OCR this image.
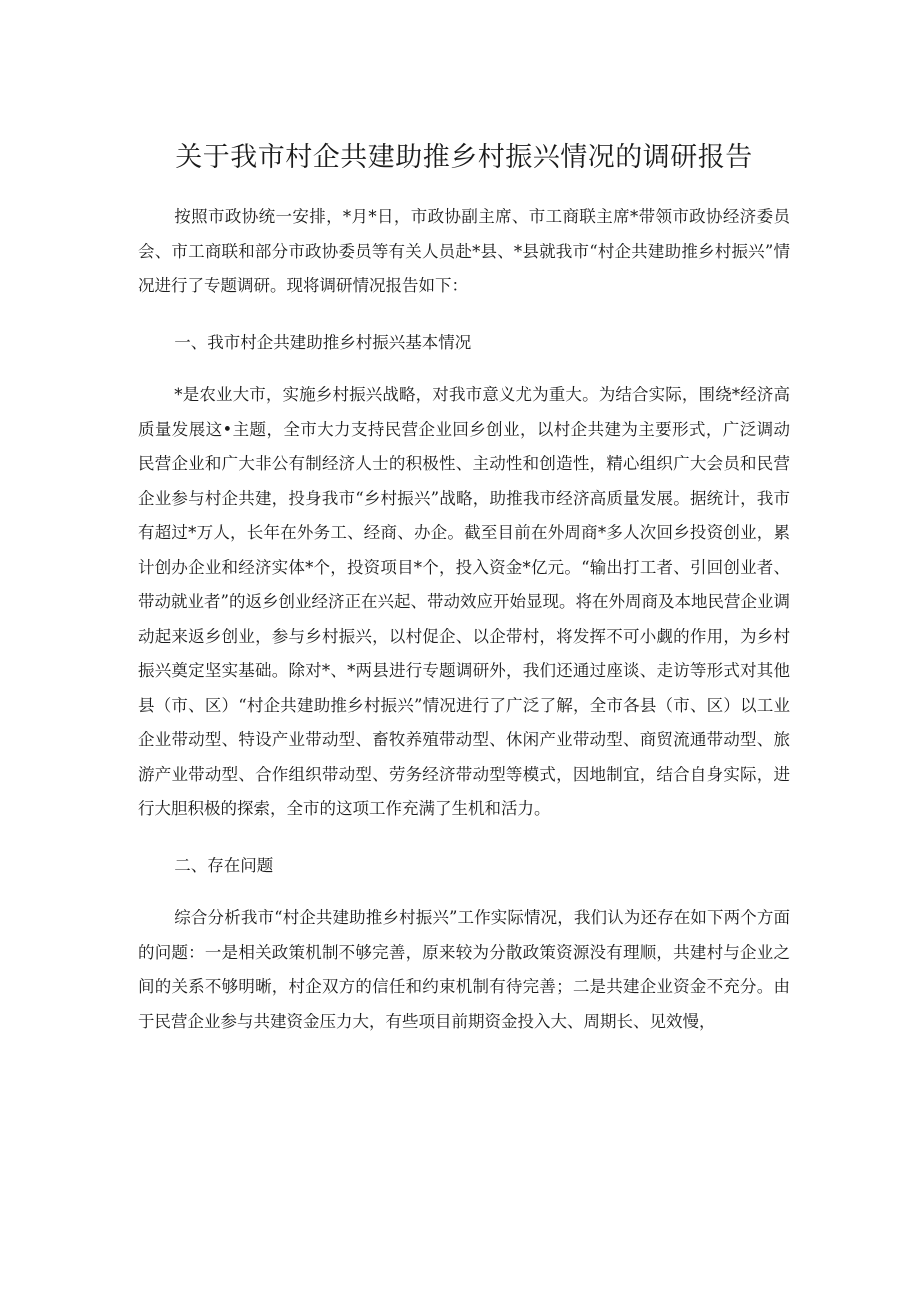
关于我市村企共建助推乡村振兴情况的调研报告

按照市政协统一安排，*月*日，市政协副主席、市工商联主席*带领市政协经济委员会、市工商联和部分市政协委员等有关人员赴*县、*县就我市“村企共建助推乡村振兴”情况进行了专题调研。现将调研情况报告如下：

一、我市村企共建助推乡村振兴基本情况

*是农业大市，实施乡村振兴战略，对我市意义尤为重大。为结合实际，围绕*经济高质量发展这•主题，全市大力支持民营企业回乡创业，以村企共建为主要形式，广泛调动民营企业和广大非公有制经济人士的积极性、主动性和创造性，精心组织广大会员和民营企业参与村企共建，投身我市“乡村振兴”战略，助推我市经济高质量发展。据统计，我市有超过*万人，长年在外务工、经商、办企。截至目前在外周商*多人次回乡投资创业，累计创办企业和经济实体*个，投资项目*个，投入资金*亿元。“输出打工者、引回创业者、带动就业者”的返乡创业经济正在兴起、带动效应开始显现。将在外周商及本地民营企业调动起来返乡创业，参与乡村振兴，以村促企、以企带村，将发挥不可小觑的作用，为乡村振兴奠定坚实基础。除对*、*两县进行专题调研外，我们还通过座谈、走访等形式对其他县（市、区）“村企共建助推乡村振兴”情况进行了广泛了解，全市各县（市、区）以工业企业带动型、特设产业带动型、畜牧养殖带动型、休闲产业带动型、商贸流通带动型、旅游产业带动型、合作组织带动型、劳务经济带动型等模式，因地制宜，结合自身实际，进行大胆积极的探索，全市的这项工作充满了生机和活力。

二、存在问题

综合分析我市“村企共建助推乡村振兴”工作实际情况，我们认为还存在如下两个方面的问题：一是相关政策机制不够完善，原来较为分散政策资源没有理顺，共建村与企业之间的关系不够明晰，村企双方的信任和约束机制有待完善；二是共建企业资金不充分。由于民营企业参与共建资金压力大，有些项目前期资金投入大、周期长、见效慢，
